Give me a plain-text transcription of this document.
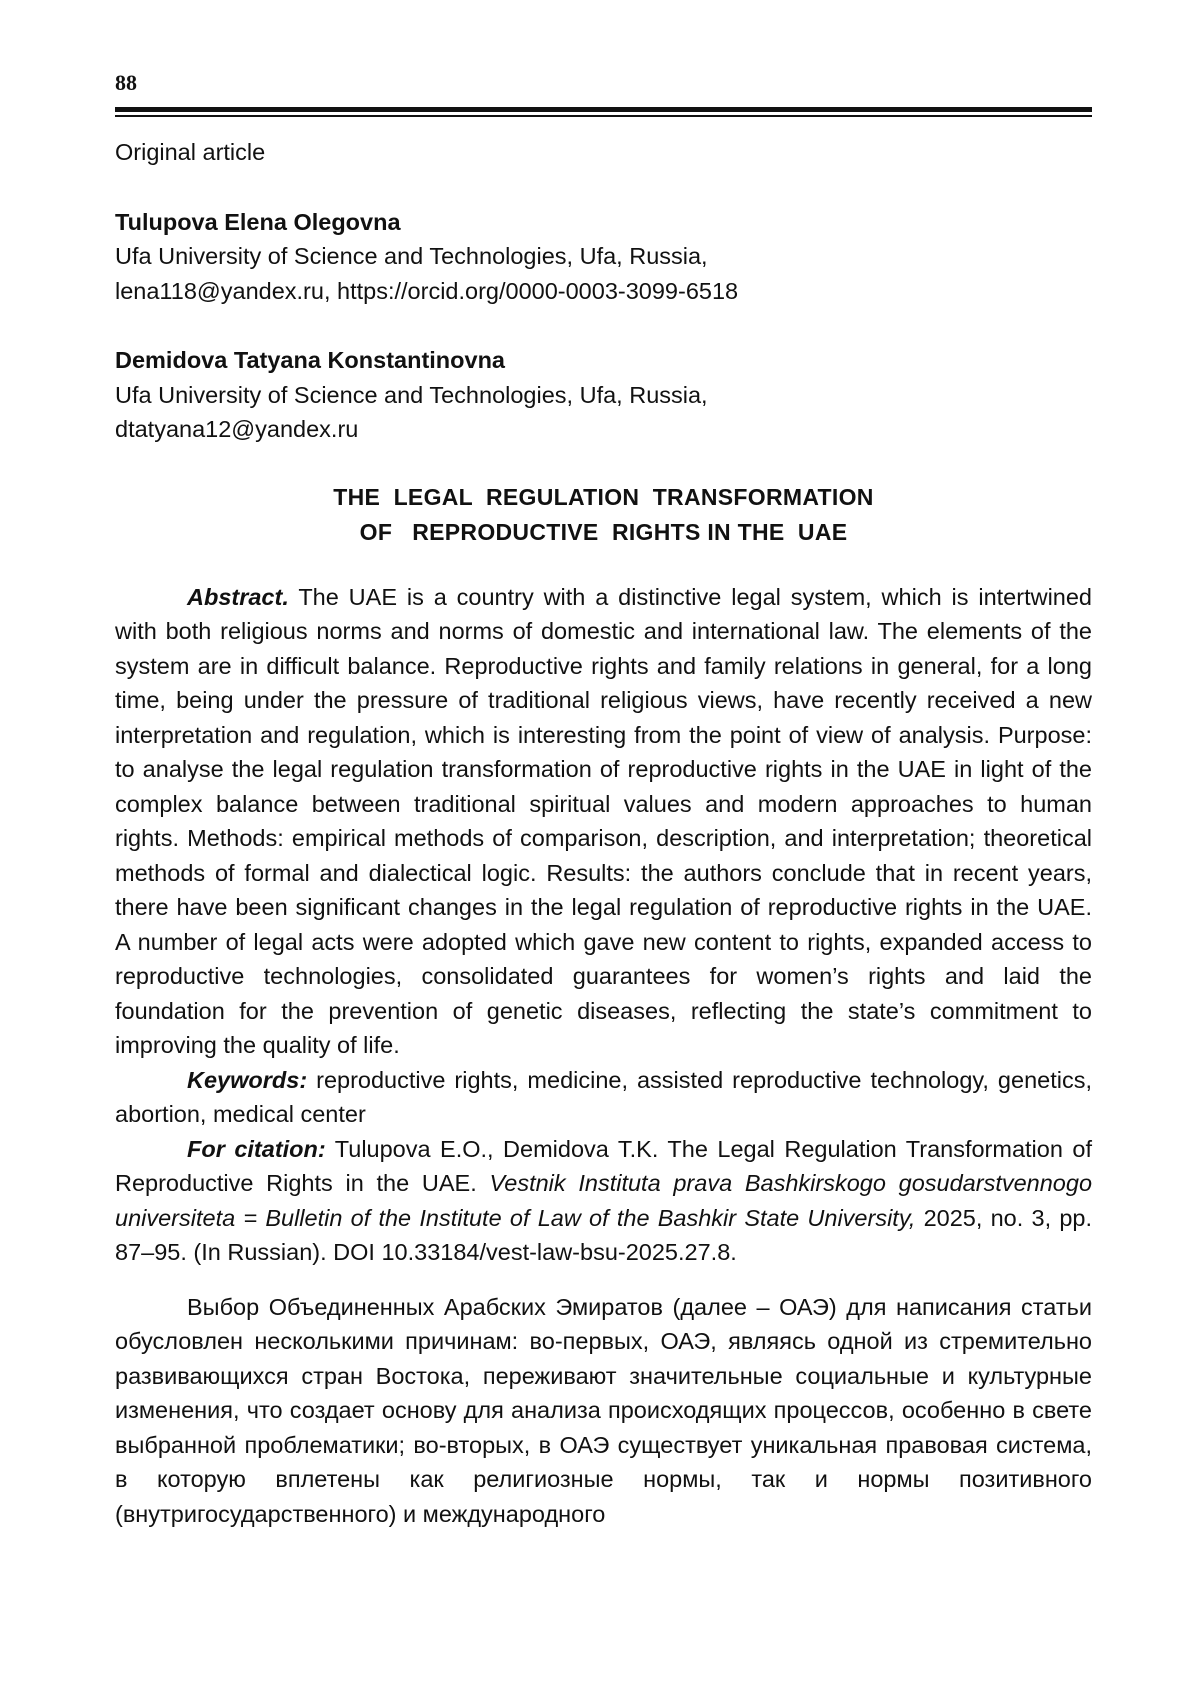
88
Original article
Tulupova Elena Olegovna
Ufa University of Science and Technologies, Ufa, Russia,
lena118@yandex.ru, https://orcid.org/0000-0003-3099-6518
Demidova Tatyana Konstantinovna
Ufa University of Science and Technologies, Ufa, Russia,
dtatyana12@yandex.ru
THE  LEGAL  REGULATION  TRANSFORMATION
OF   REPRODUCTIVE  RIGHTS IN THE  UAE

Abstract. The UAE is a country with a distinctive legal system, which is intertwined with both religious norms and norms of domestic and international law. The elements of the system are in difficult balance. Reproductive rights and family relations in general, for a long time, being under the pressure of traditional religious views, have recently received a new interpretation and regulation, which is interesting from the point of view of analysis. Purpose: to analyse the legal regulation transformation of reproductive rights in the UAE in light of the complex balance between traditional spiritual values and modern approaches to human rights. Methods: empirical methods of comparison, description, and interpretation; theoretical methods of formal and dialectical logic. Results: the authors conclude that in recent years, there have been significant changes in the legal regulation of reproductive rights in the UAE. A number of legal acts were adopted which gave new content to rights, expanded access to reproductive technologies, consolidated guarantees for women’s rights and laid the foundation for the prevention of genetic diseases, reflecting the state’s commitment to improving the quality of life.

Keywords: reproductive rights, medicine, assisted reproductive technology, genetics, abortion, medical center

For citation: Tulupova E.O., Demidova T.K. The Legal Regulation Transformation of Reproductive Rights in the UAE. Vestnik Instituta prava Bashkirskogo gosudarstvennogo universiteta = Bulletin of the Institute of Law of the Bashkir State University, 2025, no. 3, pp. 87–95. (In Russian). DOI 10.33184/vest-law-bsu-2025.27.8.

Выбор Объединенных Арабских Эмиратов (далее – ОАЭ) для написания статьи обусловлен несколькими причинам: во-первых, ОАЭ, являясь одной из стремительно развивающихся стран Востока, переживают значительные социальные и культурные изменения, что создает основу для анализа происходящих процессов, особенно в свете выбранной проблематики; во-вторых, в ОАЭ существует уникальная правовая система, в которую вплетены как религиозные нормы, так и нормы позитивного (внутригосударственного) и международного
